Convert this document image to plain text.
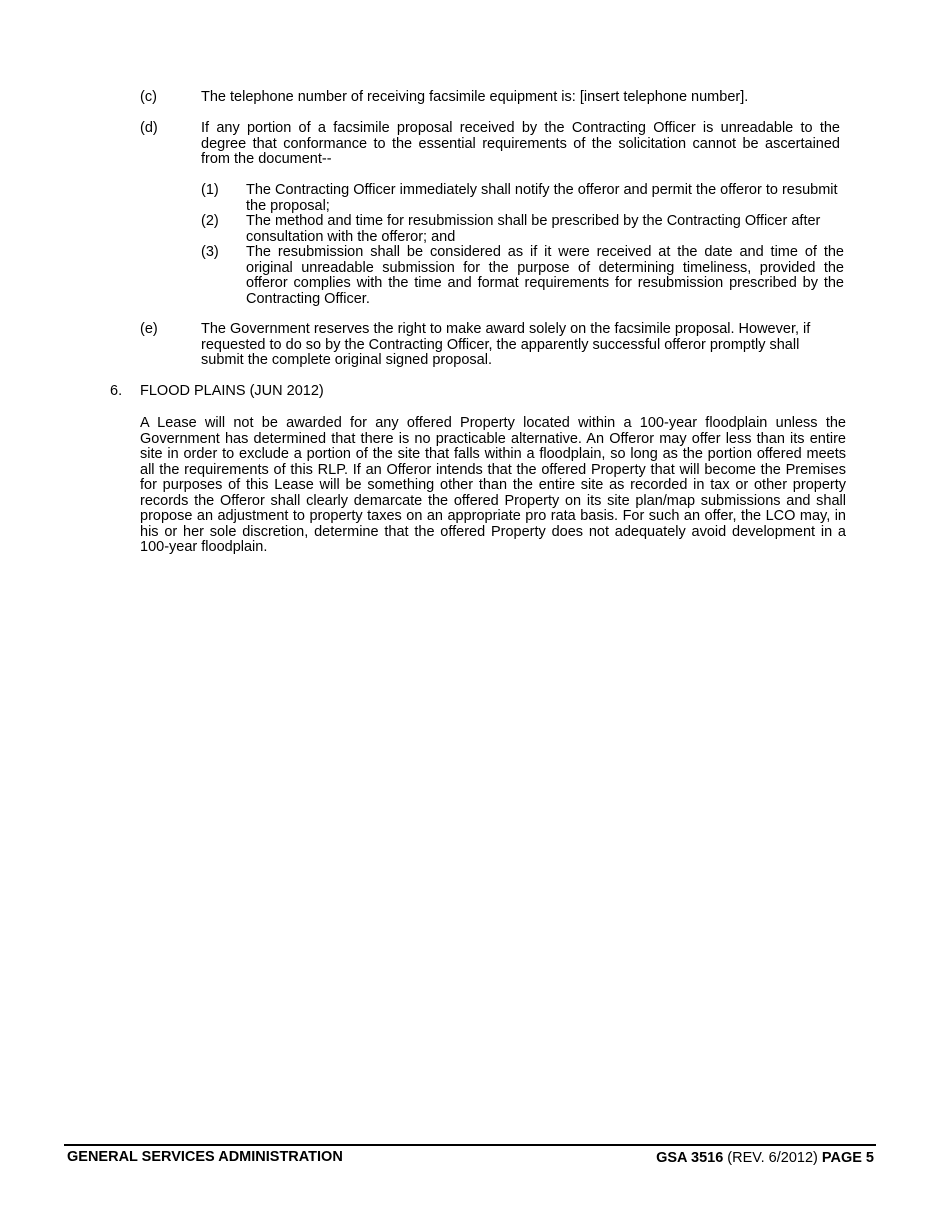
(c)	The telephone number of receiving facsimile equipment is: [insert telephone number].
(d)	If any portion of a facsimile proposal received by the Contracting Officer is unreadable to the degree that conformance to the essential requirements of the solicitation cannot be ascertained from the document--
(1) The Contracting Officer immediately shall notify the offeror and permit the offeror to resubmit the proposal;
(2) The method and time for resubmission shall be prescribed by the Contracting Officer after consultation with the offeror; and
(3) The resubmission shall be considered as if it were received at the date and time of the original unreadable submission for the purpose of determining timeliness, provided the offeror complies with the time and format requirements for resubmission prescribed by the Contracting Officer.
(e)	The Government reserves the right to make award solely on the facsimile proposal. However, if requested to do so by the Contracting Officer, the apparently successful offeror promptly shall submit the complete original signed proposal.
6. FLOOD PLAINS (JUN 2012)
A Lease will not be awarded for any offered Property located within a 100-year floodplain unless the Government has determined that there is no practicable alternative. An Offeror may offer less than its entire site in order to exclude a portion of the site that falls within a floodplain, so long as the portion offered meets all the requirements of this RLP. If an Offeror intends that the offered Property that will become the Premises for purposes of this Lease will be something other than the entire site as recorded in tax or other property records the Offeror shall clearly demarcate the offered Property on its site plan/map submissions and shall propose an adjustment to property taxes on an appropriate pro rata basis. For such an offer, the LCO may, in his or her sole discretion, determine that the offered Property does not adequately avoid development in a 100-year floodplain.
GENERAL SERVICES ADMINISTRATION	GSA 3516 (REV. 6/2012) PAGE 5
